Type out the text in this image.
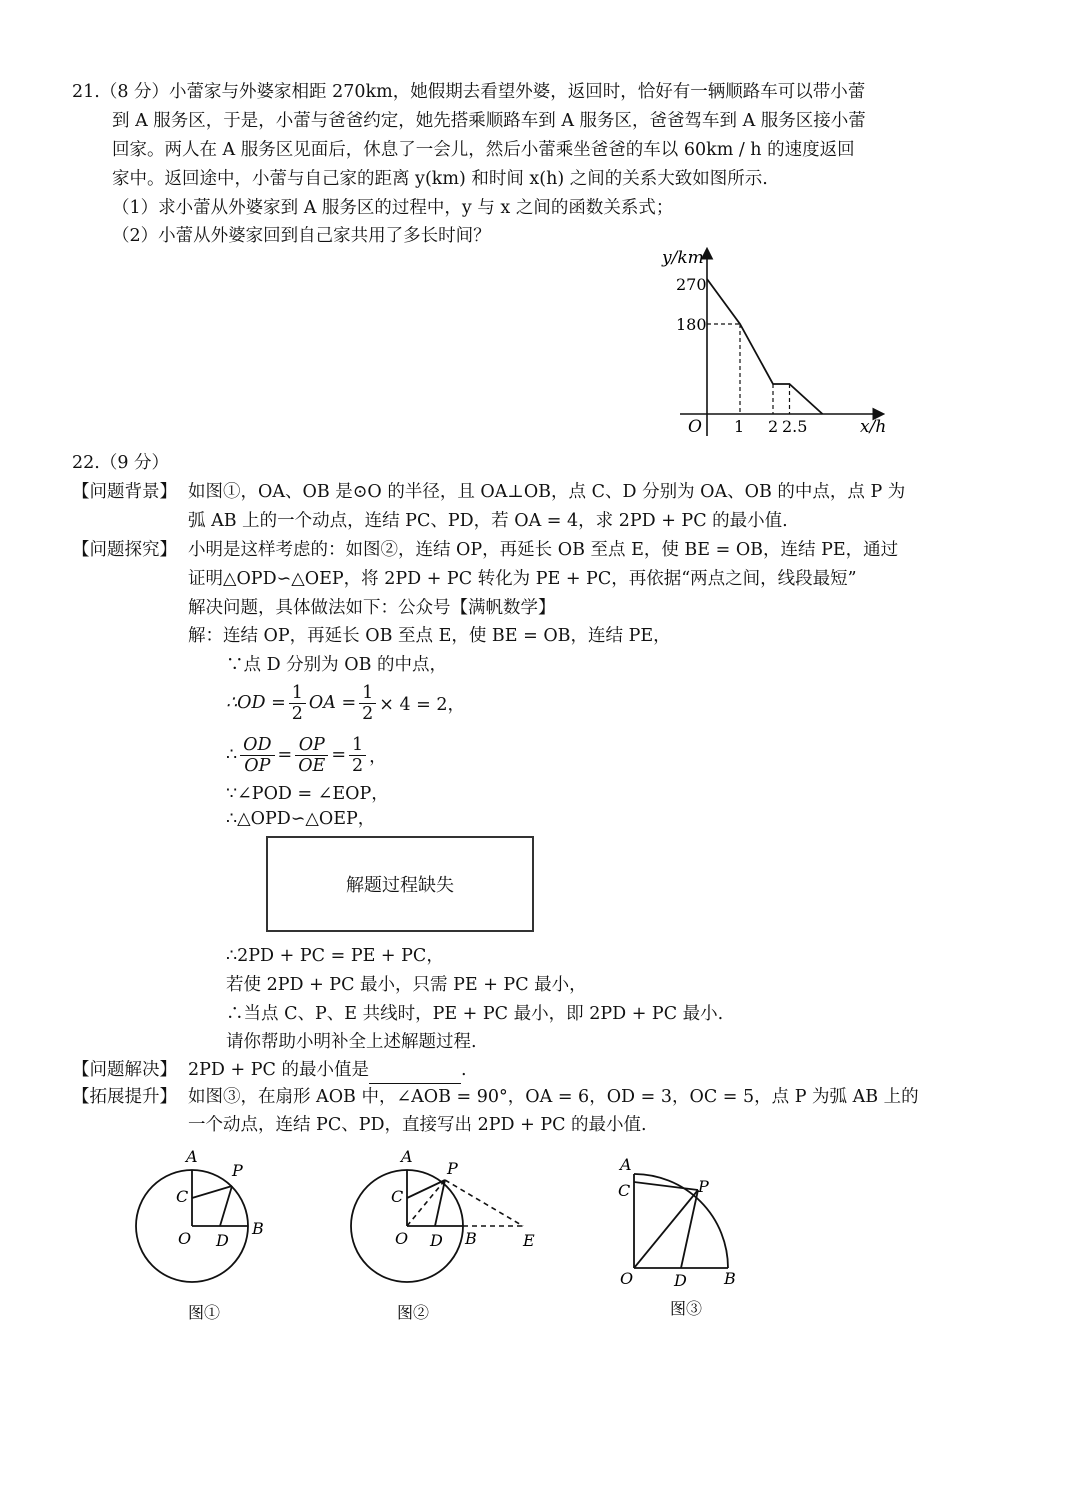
21.（8 分）小蕾家与外婆家相距 270km，她假期去看望外婆，返回时，恰好有一辆顺路车可以带小蕾
到 A 服务区，于是，小蕾与爸爸约定，她先搭乘顺路车到 A 服务区，爸爸驾车到 A 服务区接小蕾
回家。两人在 A 服务区见面后，休息了一会儿，然后小蕾乘坐爸爸的车以 60km / h 的速度返回
家中。返回途中，小蕾与自己家的距离 y(km) 和时间 x(h) 之间的关系大致如图所示.
（1）求小蕾从外婆家到 A 服务区的过程中，y 与 x 之间的函数关系式；
（2）小蕾从外婆家回到自己家共用了多长时间？
y/km
x/h
O
270
180
1 2 2.5
22.（9 分）
【问题背景】 如图①，OA、OB 是⊙O 的半径，且 OA⊥OB，点 C、D 分别为 OA、OB 的中点，点 P 为
弧 AB 上的一个动点，连结 PC、PD，若 OA = 4，求 2PD + PC 的最小值.
【问题探究】 小明是这样考虑的：如图②，连结 OP，再延长 OB 至点 E，使 BE = OB，连结 PE，通过
证明△OPD∽△OEP，将 2PD + PC 转化为 PE + PC，再依据“两点之间，线段最短”
解决问题，具体做法如下：公众号【满帆数学】
解：连结 OP，再延长 OB 至点 E，使 BE = OB，连结 PE，
∵点 D 分别为 OB 的中点，
∴OD = $\frac{1}{2}$ OA = $\frac{1}{2} \times 4 = 2$，
∴ $\frac{OD}{OP} = \frac{OP}{OE} = \frac{1}{2}$ ，
∵∠POD = ∠EOP，
∴△OPD∽△OEP，
解题过程缺失
∴2PD + PC = PE + PC，
若使 2PD + PC 最小，只需 PE + PC 最小，
∴当点 C、P、E 共线时，PE + PC 最小，即 2PD + PC 最小.
请你帮助小明补全上述解题过程.
【问题解决】 2PD + PC 的最小值是	.
【拓展提升】 如图③，在扇形 AOB 中，∠AOB = 90°，OA = 6，OD = 3，OC = 5，点 P 为弧 AB 上的
一个动点，连结 PC、PD，直接写出 2PD + PC 的最小值.
A
P
C
O D
B
图①
A
P
C
O D B	E
图②
A
C	P
O	D B
图③
